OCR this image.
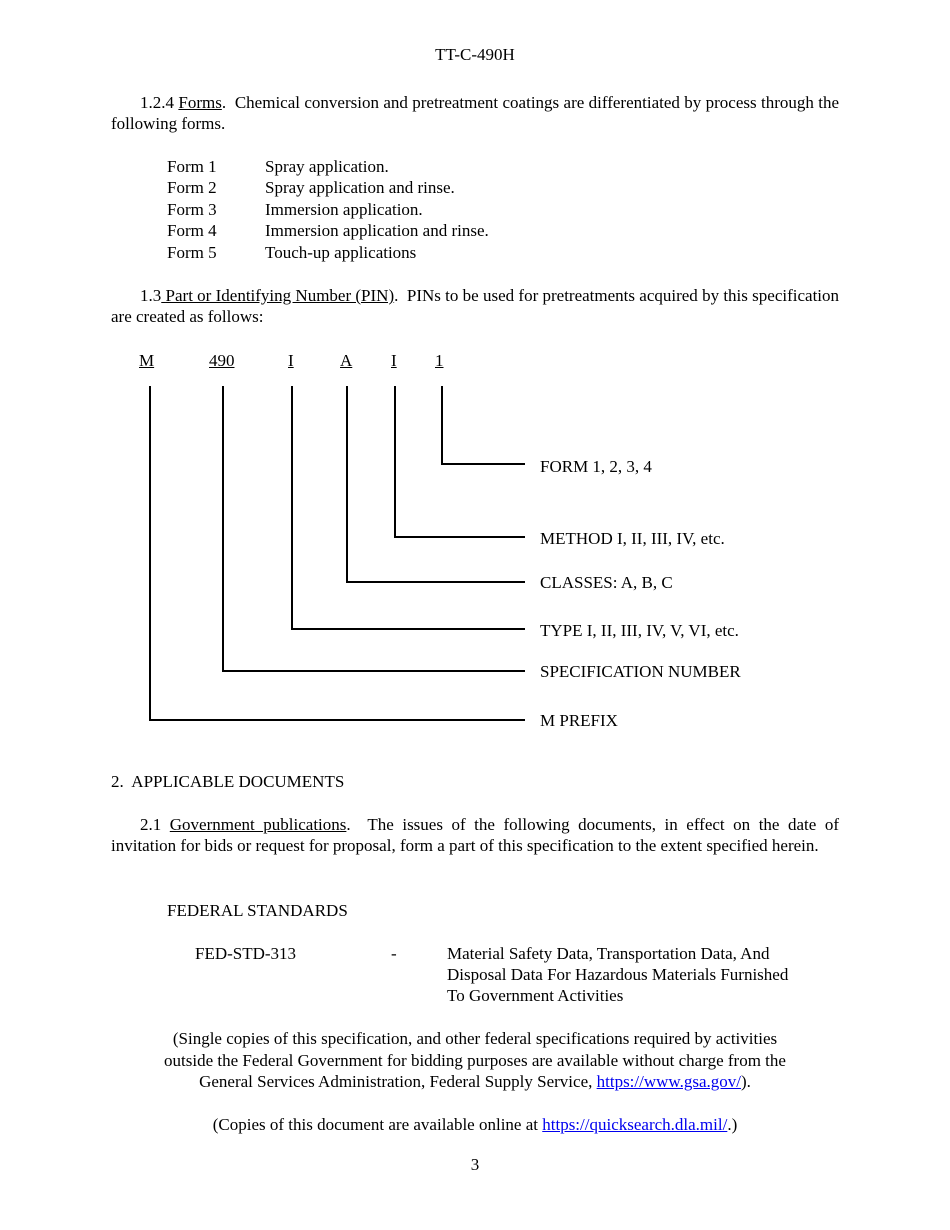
TT-C-490H
1.2.4 Forms.  Chemical conversion and pretreatment coatings are differentiated by process through the following forms.
Form 1	Spray application.
Form 2	Spray application and rinse.
Form 3	Immersion application.
Form 4	Immersion application and rinse.
Form 5	Touch-up applications
1.3 Part or Identifying Number (PIN).  PINs to be used for pretreatments acquired by this specification are created as follows:
M	490	I	A I 1
FORM 1, 2, 3, 4
METHOD I, II, III, IV, etc.
CLASSES: A, B, C
TYPE I, II, III, IV, V, VI, etc.
SPECIFICATION NUMBER
M PREFIX
2.  APPLICABLE DOCUMENTS
2.1 Government publications.  The issues of the following documents, in effect on the date of invitation for bids or request for proposal, form a part of this specification to the extent specified herein.
FEDERAL STANDARDS
FED-STD-313	-	Material Safety Data, Transportation Data, And
Disposal Data For Hazardous Materials Furnished
To Government Activities
(Single copies of this specification, and other federal specifications required by activities
outside the Federal Government for bidding purposes are available without charge from the
General Services Administration, Federal Supply Service, https://www.gsa.gov/).
(Copies of this document are available online at https://quicksearch.dla.mil/.)
3
